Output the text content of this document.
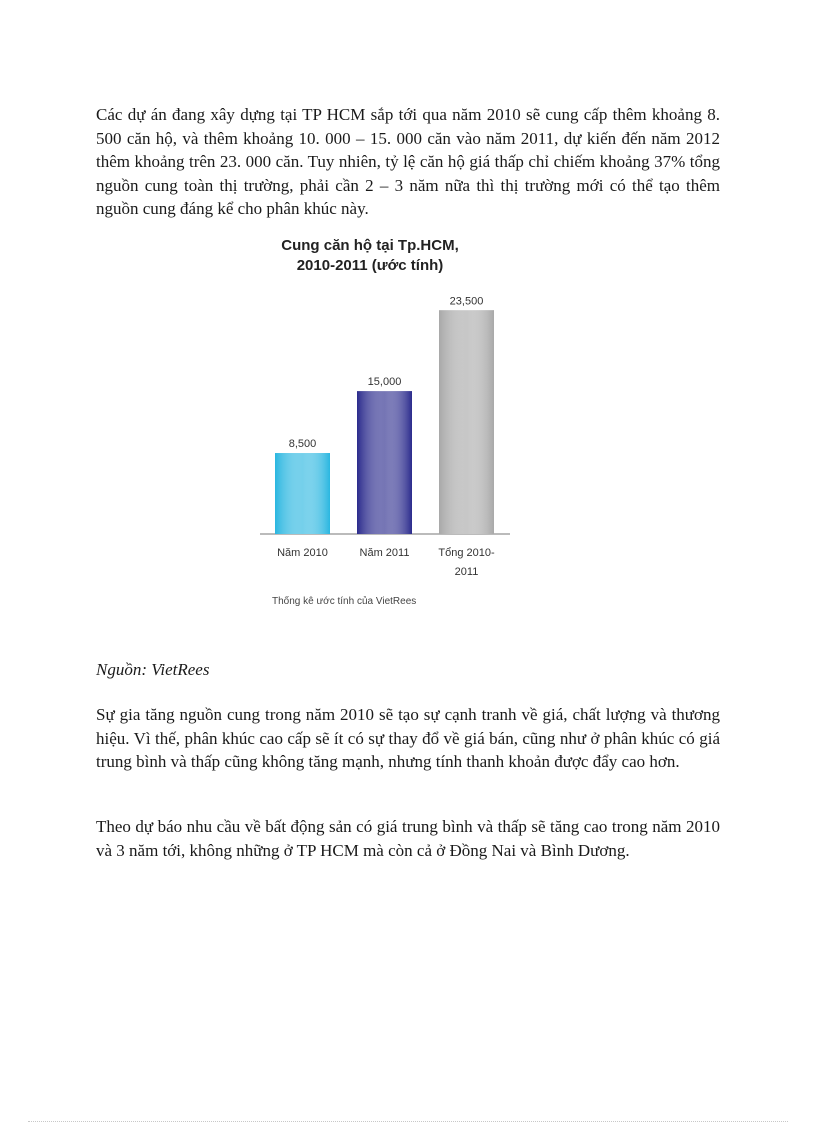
Các dự án đang xây dựng tại TP HCM sắp tới qua năm 2010 sẽ cung cấp thêm khoảng 8. 500 căn hộ, và thêm khoảng 10. 000 – 15. 000 căn vào năm 2011, dự kiến đến năm 2012 thêm khoảng trên 23. 000 căn. Tuy nhiên, tỷ lệ căn hộ giá thấp chỉ chiếm khoảng 37% tổng nguồn cung toàn thị trường, phải cần 2 – 3 năm nữa thì thị trường mới có thể tạo thêm nguồn cung đáng kể cho phân khúc này.

Cung căn hộ tại Tp.HCM,
2010-2011 (ước tính)
8,500
Năm 2010
15,000
Năm 2011
23,500
Tổng 2010-
2011
Thống kê ước tính của VietRees

Nguồn: VietRees

Sự gia tăng nguồn cung trong năm 2010 sẽ tạo sự cạnh tranh về giá, chất lượng và thương hiệu. Vì thế, phân khúc cao cấp sẽ ít có sự thay đổ về giá bán, cũng như ở phân khúc có giá trung bình và thấp cũng không tăng mạnh, nhưng tính thanh khoản được đẩy cao hơn.

Theo dự báo nhu cầu về bất động sản có giá trung bình và thấp sẽ tăng cao trong năm 2010 và 3 năm tới, không những ở TP HCM mà còn cả ở Đồng Nai và Bình Dương.
